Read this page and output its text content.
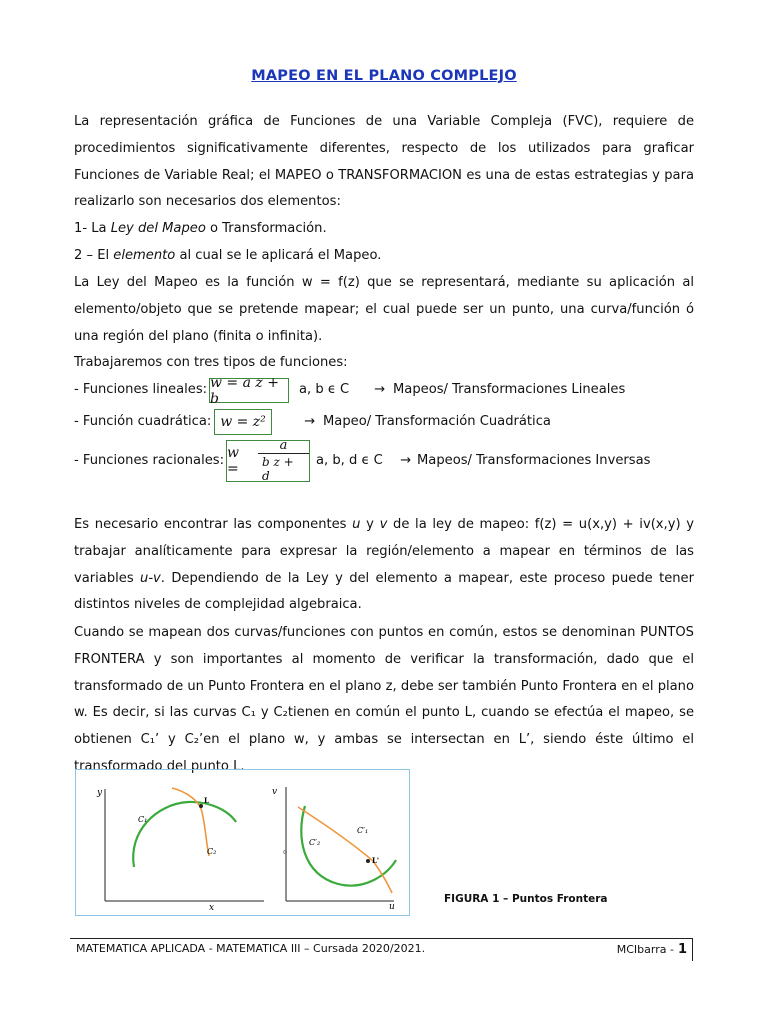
MAPEO EN EL PLANO COMPLEJO
La representación gráfica de Funciones de una Variable Compleja (FVC), requiere de procedimientos significativamente diferentes, respecto de los utilizados para graficar Funciones de Variable Real; el MAPEO o TRANSFORMACION es una de estas estrategias y para realizarlo son necesarios dos elementos:
1- La Ley del Mapeo o Transformación.
2 – El elemento al cual se le aplicará el Mapeo.
La Ley del Mapeo es la función w = f(z) que se representará, mediante su aplicación al elemento/objeto que se pretende mapear; el cual puede ser un punto, una curva/función ó una región del plano (finita o infinita).
Trabajaremos con tres tipos de funciones:
- Funciones lineales: w = a z + b
a, b ϵ C → Mapeos/ Transformaciones Lineales
- Función cuadrática: w = z²	→ Mapeo/ Transformación Cuadrática
- Funciones racionales: w =	$\frac{a}{\text{b z + d}} a$, b, d ϵ C → Mapeos/ Transformaciones Inversas
Es necesario encontrar las componentes u y v de la ley de mapeo: f(z) = u(x,y) + iv(x,y) y trabajar analíticamente para expresar la región/elemento a mapear en términos de las variables u-v. Dependiendo de la Ley y del elemento a mapear, este proceso puede tener distintos niveles de complejidad algebraica.
Cuando se mapean dos curvas/funciones con puntos en común, estos se denominan PUNTOS FRONTERA y son importantes al momento de verificar la transformación, dado que el transformado de un Punto Frontera en el plano z, debe ser también Punto Frontera en el plano w. Es decir, si las curvas C₁ y C₂tienen en común el punto L, cuando se efectúa el mapeo, se obtienen C₁’ y C₂’en el plano w, y ambas se intersectan en L’, siendo éste último el transformado del punto L.
y
x
L
C₁
C₂
v
u
o
L'
C′₁
C′₂
FIGURA 1 – Puntos Frontera
MATEMATICA APLICADA - MATEMATICA III – Cursada 2020/2021.	MCIbarra - 1
